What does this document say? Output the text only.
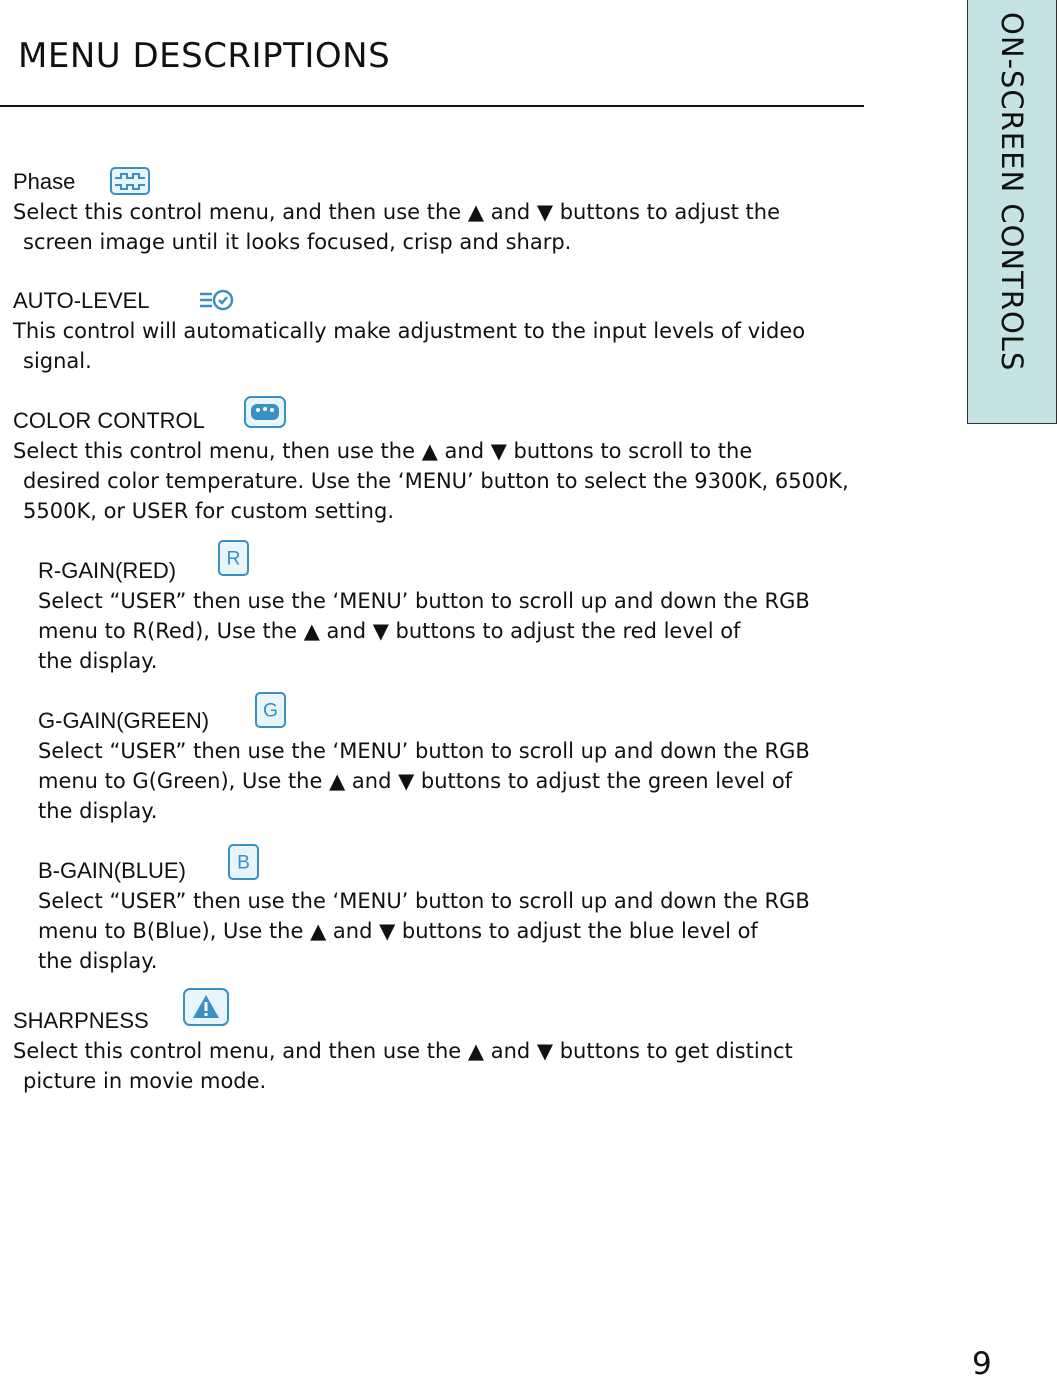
MENU DESCRIPTIONS	ON-SCREEN CONTROLS
Phase
Select this control menu, and then use the ▲ and ▼ buttons to adjust the
screen image until it looks focused, crisp and sharp.
AUTO-LEVEL
This control will automatically make adjustment to the input levels of video
signal.
COLOR CONTROL
Select this control menu, then use the ▲ and ▼ buttons to scroll to the
desired color temperature. Use the ‘MENU’ button to select the 9300K, 6500K,
5500K, or USER for custom setting.
R-GAIN(RED)	R
Select “USER” then use the ‘MENU’ button to scroll up and down the RGB
menu to R(Red), Use the ▲ and ▼ buttons to adjust the red level of
the display.
G-GAIN(GREEN)	G
Select “USER” then use the ‘MENU’ button to scroll up and down the RGB
menu to G(Green), Use the ▲ and ▼ buttons to adjust the green level of
the display.
B-GAIN(BLUE)	B
Select “USER” then use the ‘MENU’ button to scroll up and down the RGB
menu to B(Blue), Use the ▲ and ▼ buttons to adjust the blue level of
the display.
SHARPNESS
Select this control menu, and then use the ▲ and ▼ buttons to get distinct
picture in movie mode.
9
